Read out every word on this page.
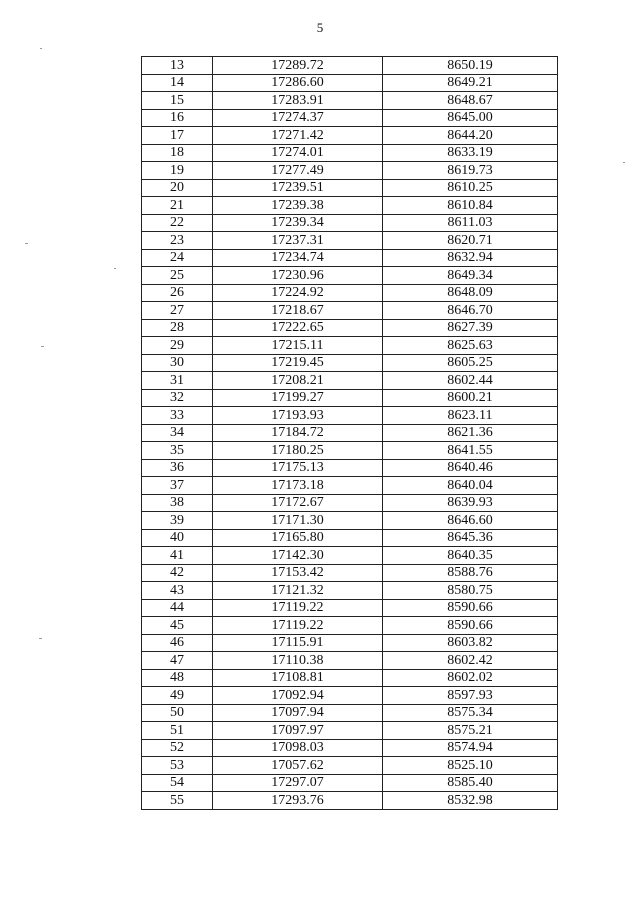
5
13	17289.72	8650.19
14	17286.60	8649.21
15	17283.91	8648.67
16	17274.37	8645.00
17	17271.42	8644.20
18	17274.01	8633.19
19	17277.49	8619.73
20	17239.51	8610.25
21	17239.38	8610.84
22	17239.34	8611.03
23	17237.31	8620.71
24	17234.74	8632.94
25	17230.96	8649.34
26	17224.92	8648.09
27	17218.67	8646.70
28	17222.65	8627.39
29	17215.11	8625.63
30	17219.45	8605.25
31	17208.21	8602.44
32	17199.27	8600.21
33	17193.93	8623.11
34	17184.72	8621.36
35	17180.25	8641.55
36	17175.13	8640.46
37	17173.18	8640.04
38	17172.67	8639.93
39	17171.30	8646.60
40	17165.80	8645.36
41	17142.30	8640.35
42	17153.42	8588.76
43	17121.32	8580.75
44	17119.22	8590.66
45	17119.22	8590.66
46	17115.91	8603.82
47	17110.38	8602.42
48	17108.81	8602.02
49	17092.94	8597.93
50	17097.94	8575.34
51	17097.97	8575.21
52	17098.03	8574.94
53	17057.62	8525.10
54	17297.07	8585.40
55	17293.76	8532.98
